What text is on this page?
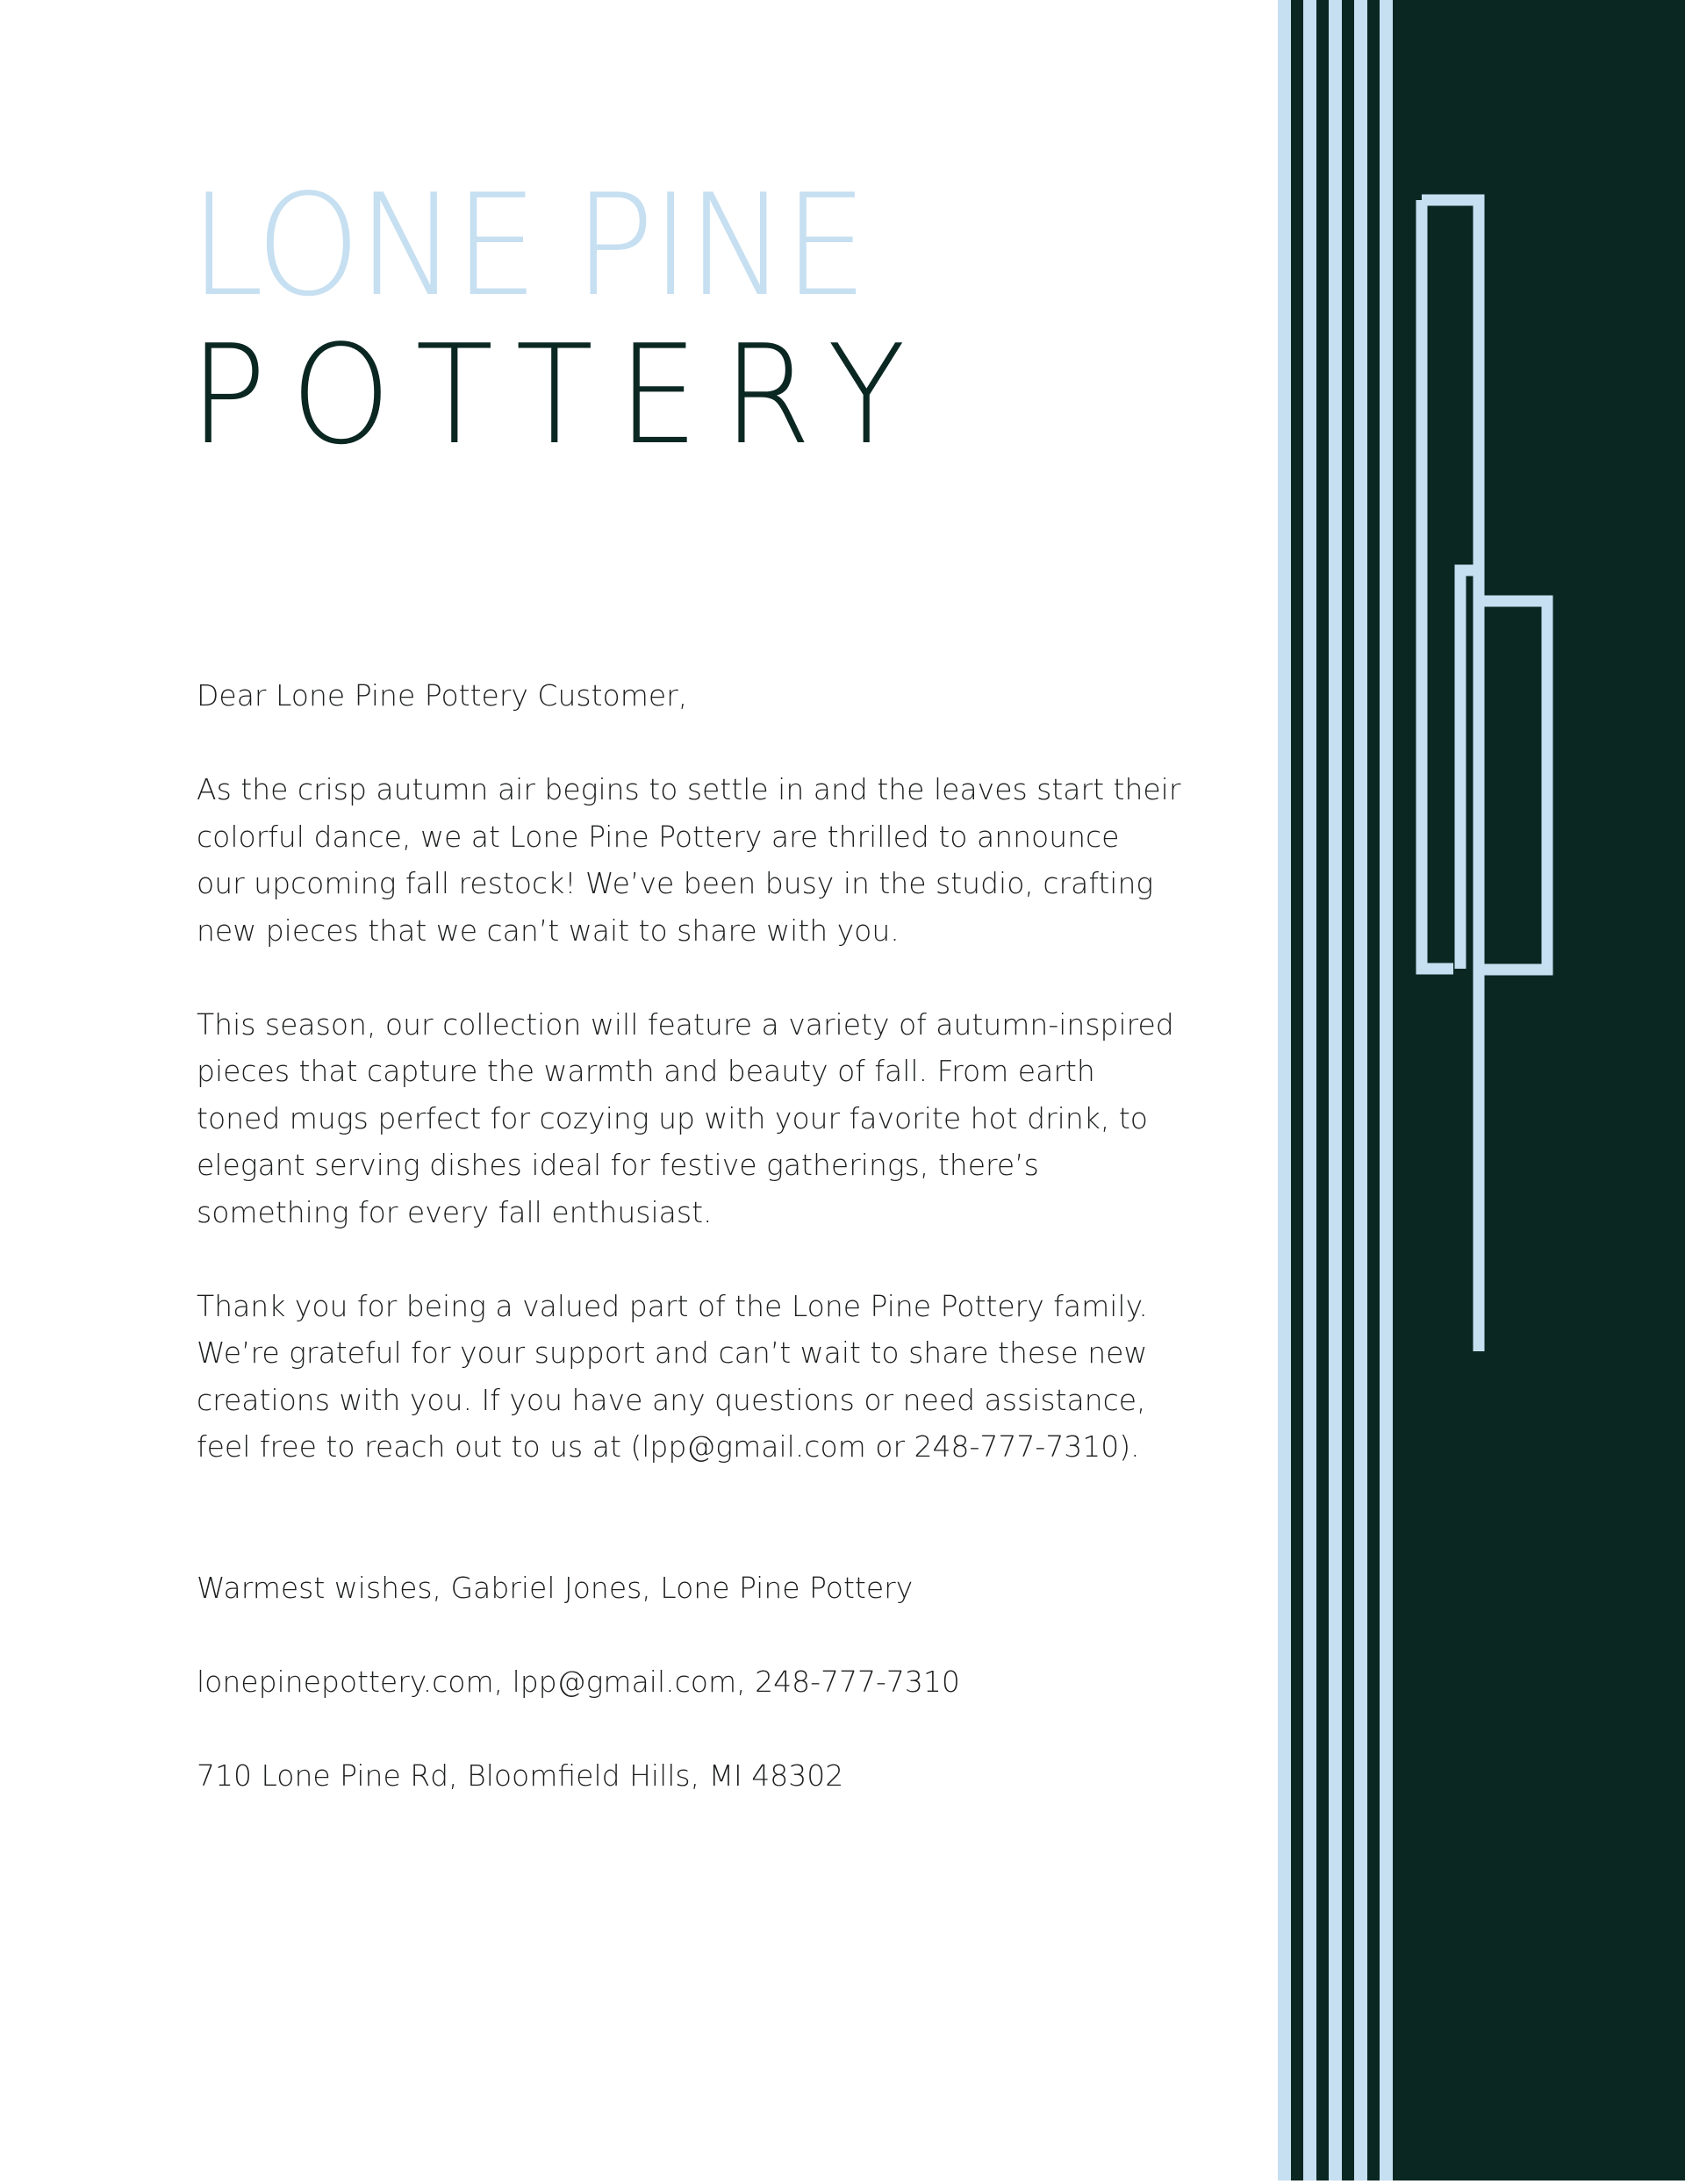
LONE PINE
POTTERY

Dear Lone Pine Pottery Customer,

As the crisp autumn air begins to settle in and the leaves start their

colorful dance, we at Lone Pine Pottery are thrilled to announce

our upcoming fall restock! We’ve been busy in the studio, crafting

new pieces that we can’t wait to share with you.

This season, our collection will feature a variety of autumn-inspired

pieces that capture the warmth and beauty of fall. From earth

toned mugs perfect for cozying up with your favorite hot drink, to

elegant serving dishes ideal for festive gatherings, there’s

something for every fall enthusiast.

Thank you for being a valued part of the Lone Pine Pottery family.

We’re grateful for your support and can’t wait to share these new

creations with you. If you have any questions or need assistance,

feel free to reach out to us at (lpp@gmail.com or 248-777-7310).

Warmest wishes, Gabriel Jones, Lone Pine Pottery

lonepinepottery.com, lpp@gmail.com, 248-777-7310

710 Lone Pine Rd, Bloomfield Hills, MI 48302
